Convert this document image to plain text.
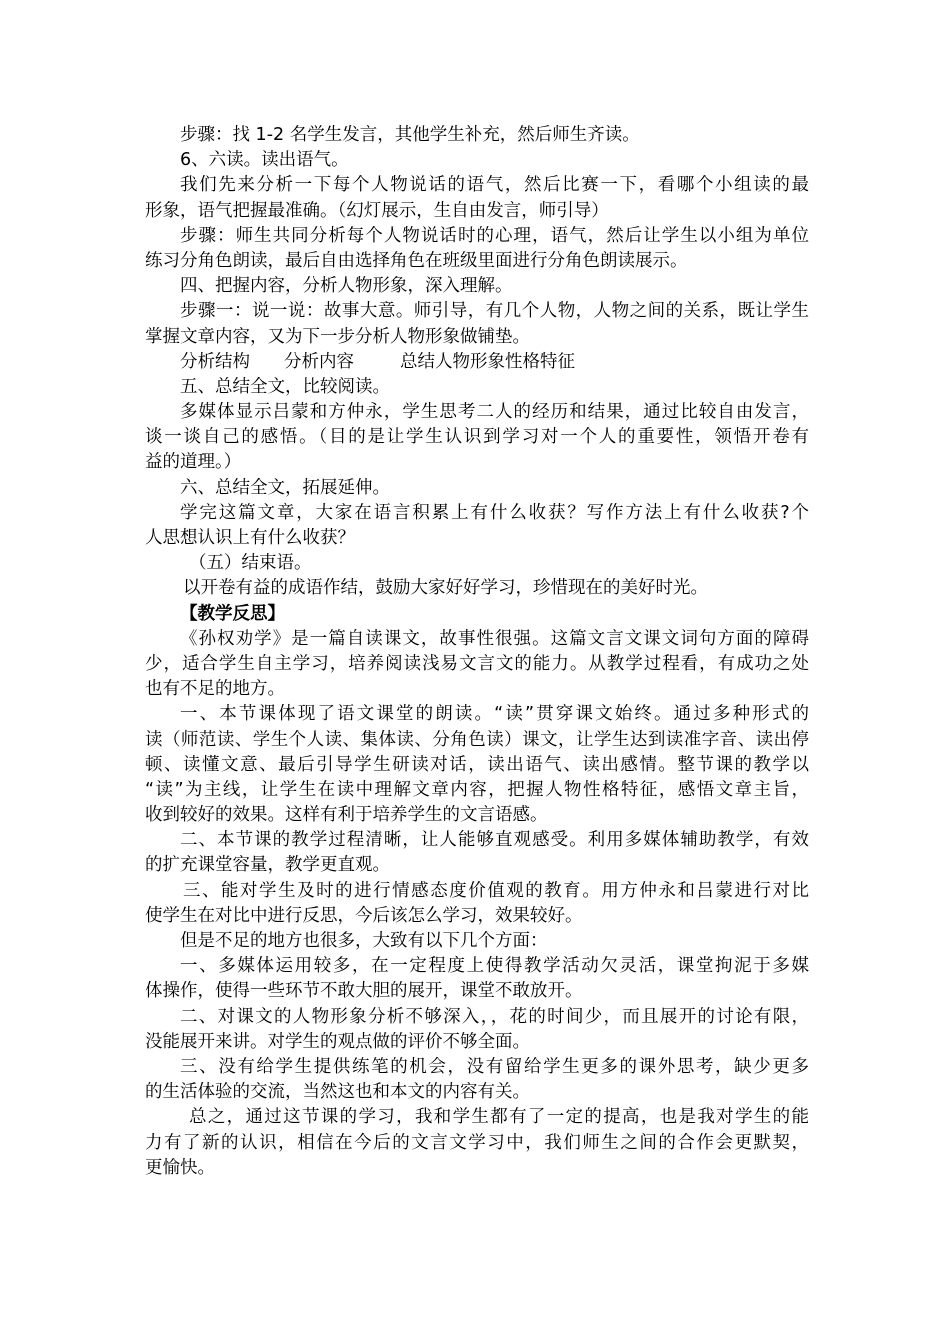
步骤：找 1-2 名学生发言，其他学生补充，然后师生齐读。
6、六读。读出语气。
我们先来分析一下每个人物说话的语气，然后比赛一下，看哪个小组读的最
形象，语气把握最准确。（幻灯展示，生自由发言，师引导）
步骤：师生共同分析每个人物说话时的心理，语气，然后让学生以小组为单位
练习分角色朗读，最后自由选择角色在班级里面进行分角色朗读展示。
四、把握内容，分析人物形象，深入理解。
步骤一：说一说：故事大意。师引导，有几个人物，人物之间的关系，既让学生
掌握文章内容，又为下一步分析人物形象做铺垫。
分析结构 分析内容	总结人物形象性格特征
五、总结全文，比较阅读。
多媒体显示吕蒙和方仲永，学生思考二人的经历和结果，通过比较自由发言，
谈一谈自己的感悟。（目的是让学生认识到学习对一个人的重要性，领悟开卷有
益的道理。）
六、总结全文，拓展延伸。
学完这篇文章，大家在语言积累上有什么收获？写作方法上有什么收获?个
人思想认识上有什么收获？
（五）结束语。
以开卷有益的成语作结，鼓励大家好好学习，珍惜现在的美好时光。
【教学反思】
《孙权劝学》是一篇自读课文，故事性很强。这篇文言文课文词句方面的障碍
少，适合学生自主学习，培养阅读浅易文言文的能力。从教学过程看，有成功之处
也有不足的地方。
一、本节课体现了语文课堂的朗读。“读”贯穿课文始终。通过多种形式的
读（师范读、学生个人读、集体读、分角色读）课文，让学生达到读准字音、读出停
顿、读懂文意、最后引导学生研读对话，读出语气、读出感情。整节课的教学以
“读”为主线，让学生在读中理解文章内容，把握人物性格特征，感悟文章主旨，
收到较好的效果。这样有利于培养学生的文言语感。
二、本节课的教学过程清晰，让人能够直观感受。利用多媒体辅助教学，有效
的扩充课堂容量，教学更直观。
三、能对学生及时的进行情感态度价值观的教育。用方仲永和吕蒙进行对比
使学生在对比中进行反思，今后该怎么学习，效果较好。
但是不足的地方也很多，大致有以下几个方面：
一、多媒体运用较多，在一定程度上使得教学活动欠灵活，课堂拘泥于多媒
体操作，使得一些环节不敢大胆的展开，课堂不敢放开。
二、对课文的人物形象分析不够深入，，花的时间少，而且展开的讨论有限，
没能展开来讲。对学生的观点做的评价不够全面。
三、没有给学生提供练笔的机会，没有留给学生更多的课外思考，缺少更多
的生活体验的交流，当然这也和本文的内容有关。
总之，通过这节课的学习，我和学生都有了一定的提高，也是我对学生的能
力有了新的认识，相信在今后的文言文学习中，我们师生之间的合作会更默契，
更愉快。
